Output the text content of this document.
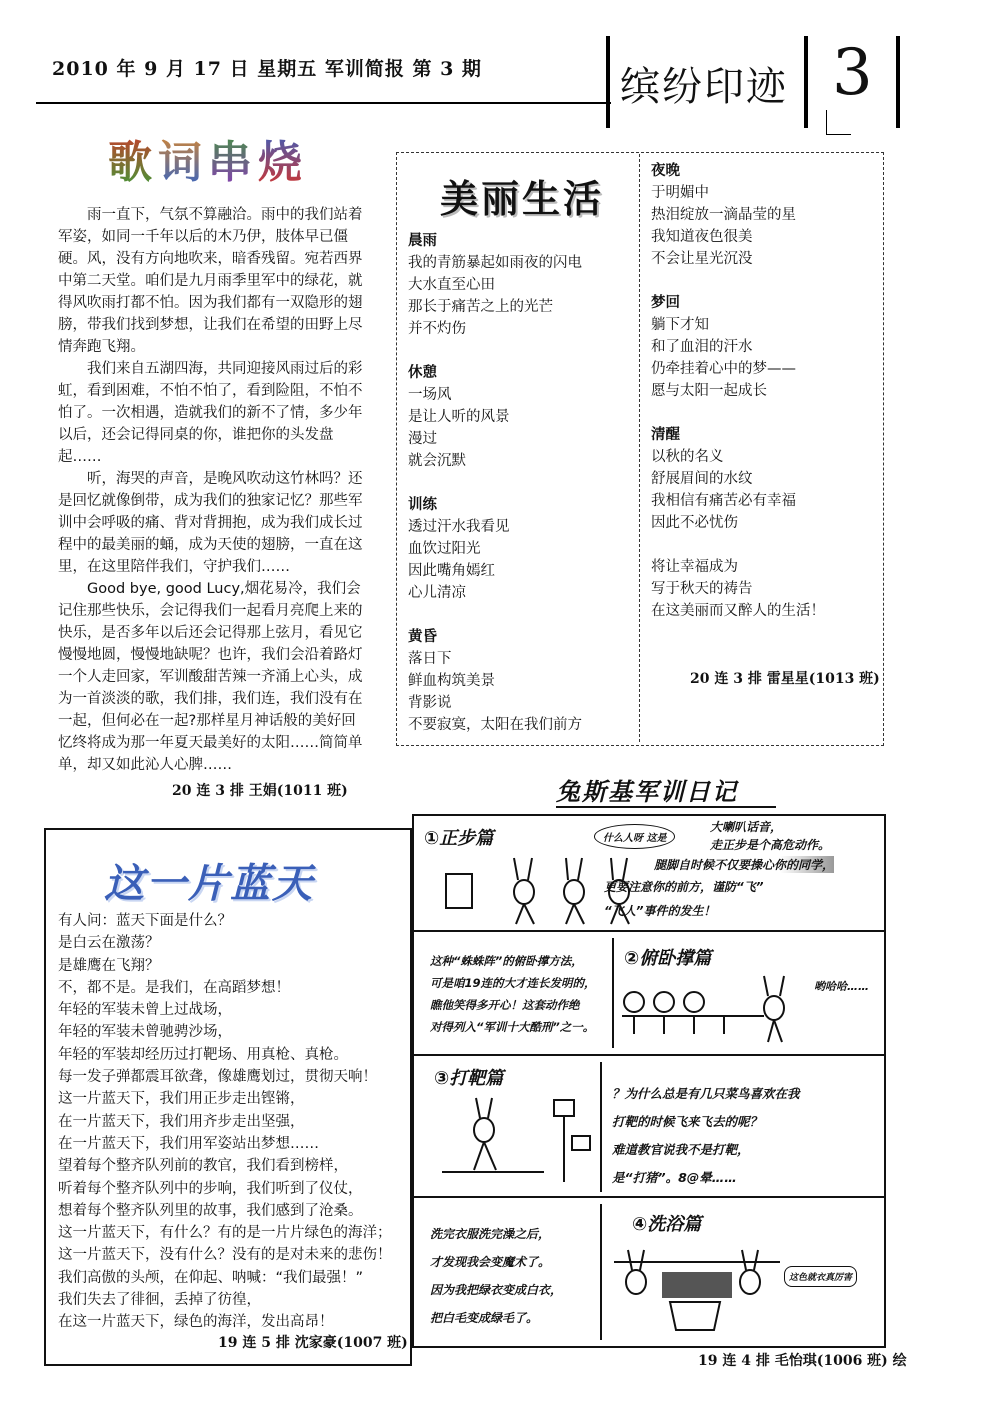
2010 年 9 月 17 日 星期五 军训简报 第 3 期	缤纷印迹 3
歌词串烧

雨一直下，气氛不算融洽。雨中的我们站着军姿，如同一千年以后的木乃伊，肢体早已僵硬。风，没有方向地吹来，暗香残留。宛若西界中第二天堂。咱们是九月雨季里军中的绿花，就得风吹雨打都不怕。因为我们都有一双隐形的翅膀，带我们找到梦想，让我们在希望的田野上尽情奔跑飞翔。

我们来自五湖四海，共同迎接风雨过后的彩虹，看到困难，不怕不怕了，看到险阻，不怕不怕了。一次相遇，造就我们的新不了情，多少年以后，还会记得同桌的你，谁把你的头发盘起……

听，海哭的声音，是晚风吹动这竹林吗？还是回忆就像倒带，成为我们的独家记忆？那些军训中会呼吸的痛、背对背拥抱，成为我们成长过程中的最美丽的蛹，成为天使的翅膀，一直在这里，在这里陪伴我们，守护我们……

Good bye, good Lucy,烟花易冷，我们会记住那些快乐，会记得我们一起看月亮爬上来的快乐，是否多年以后还会记得那上弦月，看见它慢慢地圆，慢慢地缺呢？也许，我们会沿着路灯一个人走回家，军训酸甜苦辣一齐涌上心头，成为一首淡淡的歌，我们排，我们连，我们没有在一起，但何必在一起?那样星月神话般的美好回忆终将成为那一年夏天最美好的太阳……简简单单，却又如此沁人心脾……

20 连 3 排 王娟(1011 班)
美丽生活
晨雨
我的青筋暴起如雨夜的闪电
大水直至心田
那长于痛苦之上的光芒
并不灼伤
休憩
一场风
是让人听的风景
漫过
就会沉默
训练
透过汗水我看见
血饮过阳光
因此嘴角嫣红
心儿清凉
黄昏
落日下
鲜血构筑美景
背影说
不要寂寞，太阳在我们前方
夜晚
于明媚中
热泪绽放一滴晶莹的星
我知道夜色很美
不会让星光沉没
梦回
躺下才知
和了血泪的汗水
仍牵挂着心中的梦——
愿与太阳一起成长
清醒
以秋的名义
舒展眉间的水纹
我相信有痛苦必有幸福
因此不必忧伤
将让幸福成为
写于秋天的祷告
在这美丽而又醉人的生活！
20 连 3 排 雷星星(1013 班)
这一片蓝天
有人问：蓝天下面是什么？
是白云在激荡？
是雄鹰在飞翔？
不，都不是。是我们，在高蹈梦想！
年轻的军装未曾上过战场，
年轻的军装未曾驰骋沙场，
年轻的军装却经历过打靶场、用真枪、真枪。
每一发子弹都震耳欲聋，像雄鹰划过，贯彻天响！
这一片蓝天下，我们用正步走出铿锵，
在一片蓝天下，我们用齐步走出坚强，
在一片蓝天下，我们用军姿站出梦想……
望着每个整齐队列前的教官，我们看到榜样，
听着每个整齐队列中的步响，我们听到了仪仗，
想着每个整齐队列里的故事，我们感到了沧桑。
这一片蓝天下，有什么？有的是一片片绿色的海洋；
这一片蓝天下，没有什么？没有的是对未来的悲伤！
我们高傲的头颅，在仰起、呐喊：“我们最强！”
我们失去了徘徊，丢掉了彷徨，
在这一片蓝天下，绿色的海洋，发出高昂！
19 连 5 排 沈家豪(1007 班)
兔斯基军训日记
①正步篇	什么人呀 这是
大喇叭话音，
走正步是个高危动作。
腿脚自时候不仅要操心你的同学，
更要注意你的前方，谨防“飞”
“飞人”事件的发生！
这种“蛛蛛阵”的俯卧撑方法，
可是咱19连的大才连长发明的，
瞧他笑得多开心！这套动作绝
对得列入“军训十大酷刑”之一。
②俯卧撑篇
哟哈哈……
③打靶篇
？为什么总是有几只菜鸟喜欢在我
打靶的时候飞来飞去的呢？
难道教官说我不是打靶，
是“打猪”。8@晕……
洗完衣服洗完澡之后，
才发现我会变魔术了。
因为我把绿衣变成白衣，
把白毛变成绿毛了。
④洗浴篇
这色就衣真厉害
19 连 4 排 毛怡琪(1006 班) 绘
